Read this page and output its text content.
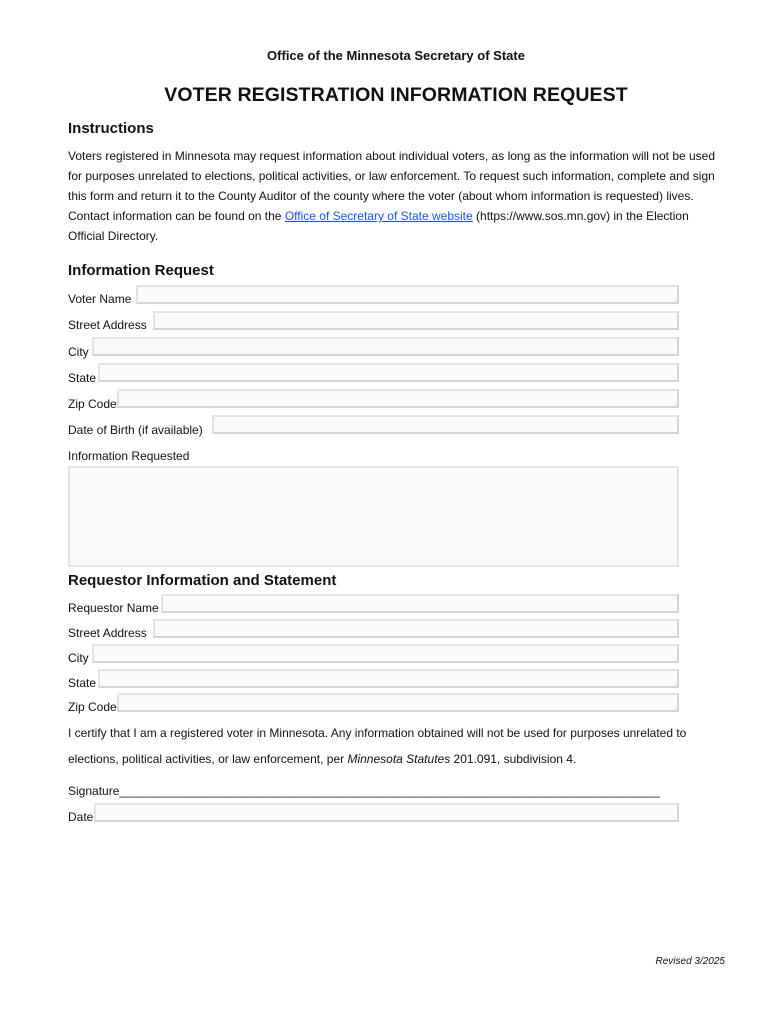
Office of the Minnesota Secretary of State
VOTER REGISTRATION INFORMATION REQUEST
Instructions
Voters registered in Minnesota may request information about individual voters, as long as the information will not be used for purposes unrelated to elections, political activities, or law enforcement. To request such information, complete and sign this form and return it to the County Auditor of the county where the voter (about whom information is requested) lives. Contact information can be found on the Office of Secretary of State website (https://www.sos.mn.gov) in the Election Official Directory.
Information Request
Voter Name
Street Address
City
State
Zip Code
Date of Birth (if available)
Information Requested
Requestor Information and Statement
Requestor Name
Street Address
City
State
Zip Code
I certify that I am a registered voter in Minnesota. Any information obtained will not be used for purposes unrelated to elections, political activities, or law enforcement, per Minnesota Statutes 201.091, subdivision 4.
Signature_________________________________________________________________________________
Date
Revised 3/2025
